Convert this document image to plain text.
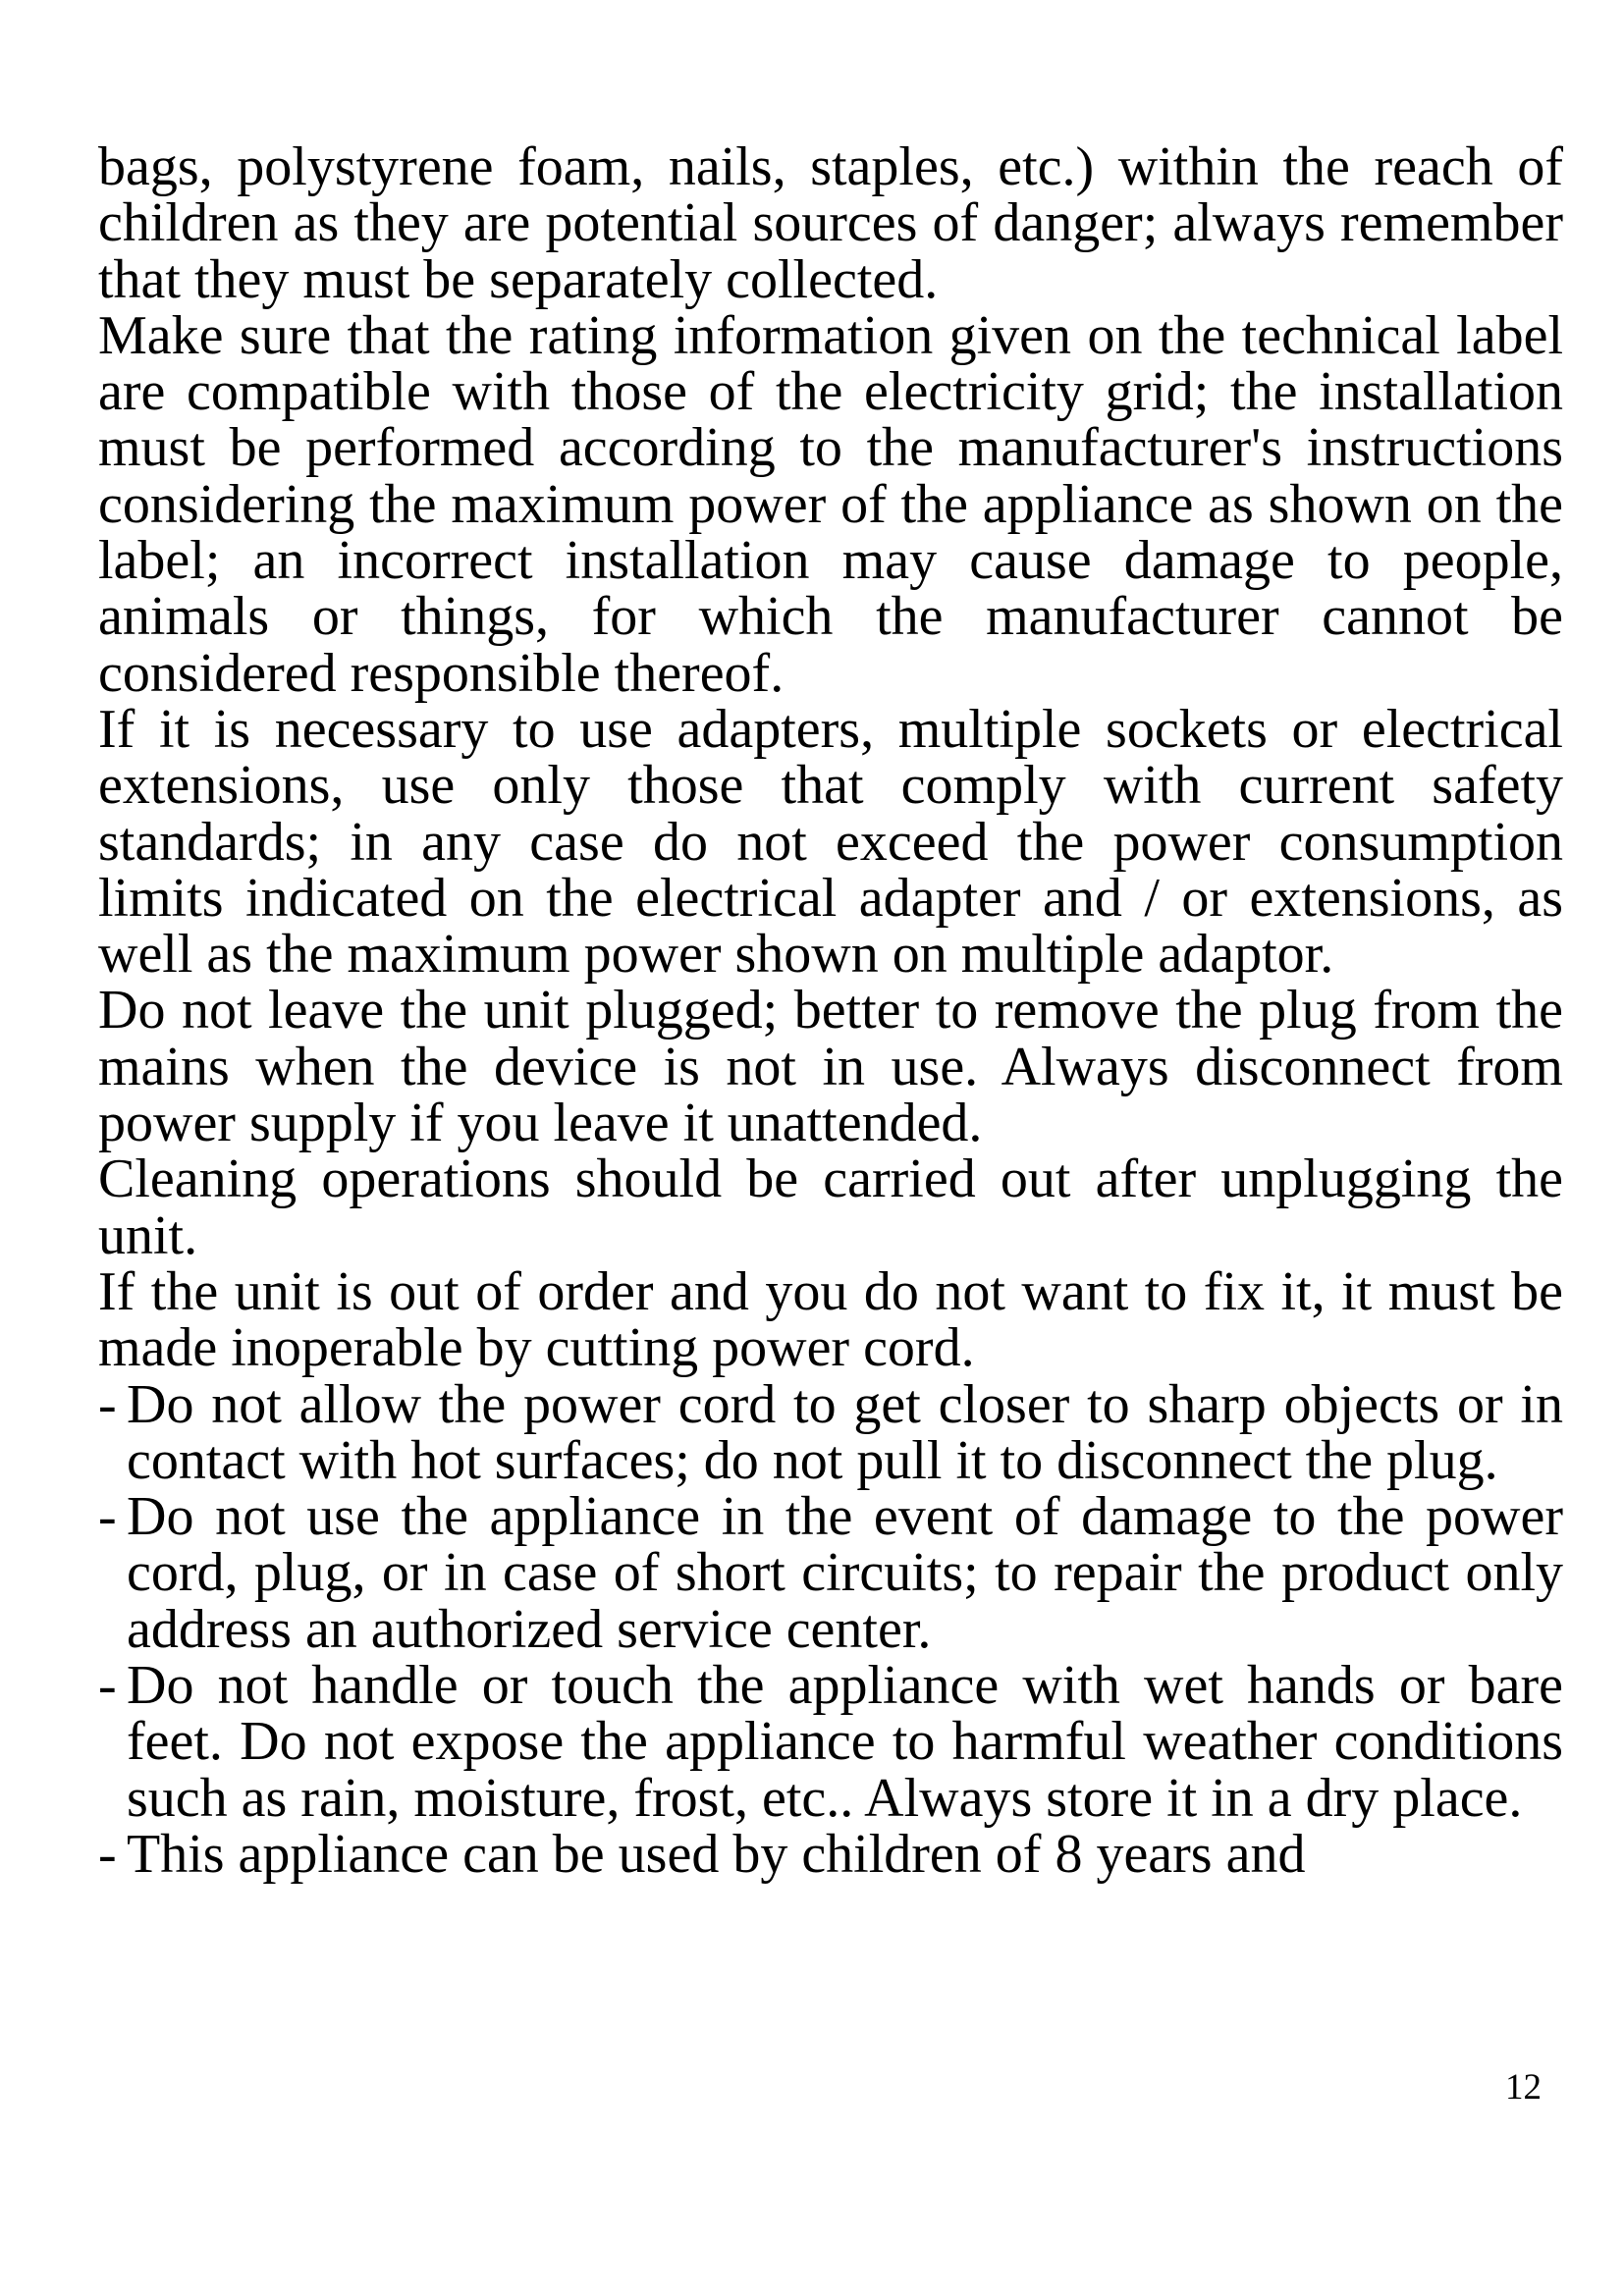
bags, polystyrene foam, nails, staples, etc.) within the reach of children as they are potential sources of danger; always remember that they must be separately collected.

Make sure that the rating information given on the technical label are compatible with those of the electricity grid; the installation must be performed according to the manufacturer's instructions considering the maximum power of the appliance as shown on the label; an incorrect installation may cause damage to people, animals or things, for which the manufacturer cannot be considered responsible thereof.

If it is necessary to use adapters, multiple sockets or electrical extensions, use only those that comply with current safety standards; in any case do not exceed the power consumption limits indicated on the electrical adapter and / or extensions, as well as the maximum power shown on multiple adaptor.

Do not leave the unit plugged; better to remove the plug from the mains when the device is not in use. Always disconnect from power supply if you leave it unattended.

Cleaning operations should be carried out after unplugging the unit.

If the unit is out of order and you do not want to fix it, it must be made inoperable by cutting power cord.

- Do not allow the power cord to get closer to sharp objects or in contact with hot surfaces; do not pull it to disconnect the plug.
- Do not use the appliance in the event of damage to the power cord, plug, or in case of short circuits; to repair the product only address an authorized service center.
- Do not handle or touch the appliance with wet hands or bare feet. Do not expose the appliance to harmful weather conditions such as rain, moisture, frost, etc.. Always store it in a dry place.
- This appliance can be used by children of 8 years and
12
